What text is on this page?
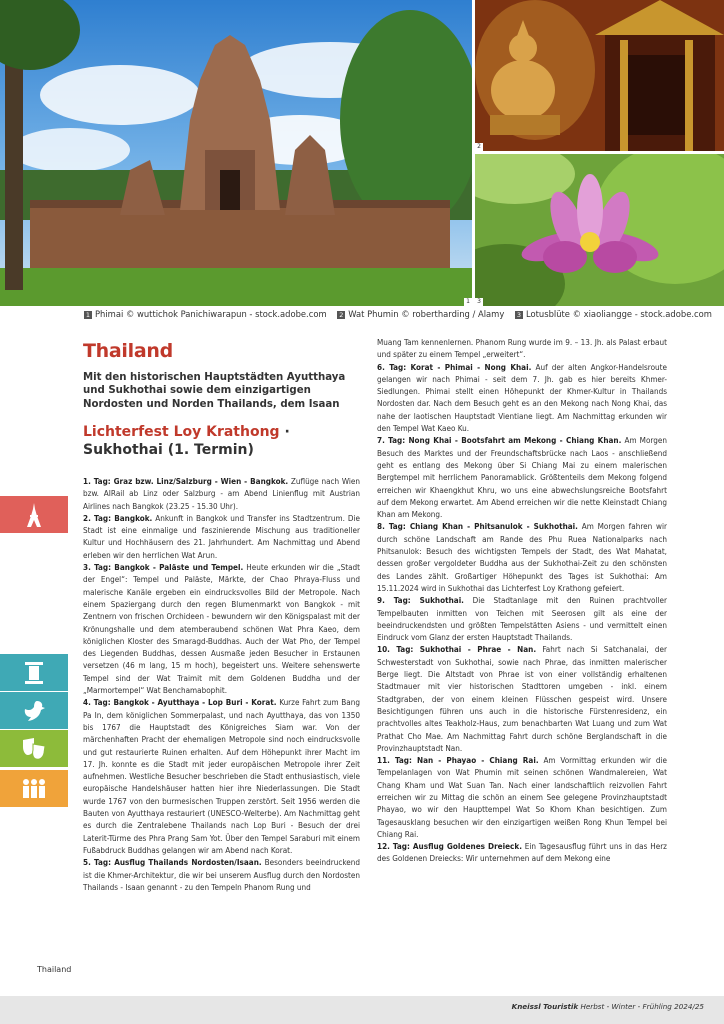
1
2
3
1 Phimai © wuttichok Panichiwarapun - stock.adobe.com 2 Wat Phumin © robertharding / Alamy 3 Lotusblüte © xiaoliangge - stock.adobe.com
Thailand
Mit den historischen Hauptstädten Ayutthaya und Sukhothai sowie dem einzigartigen Nordosten und Norden Thailands, dem Isaan
Lichterfest Loy Krathong · Sukhothai (1. Termin)

1. Tag: Graz bzw. Linz/Salzburg - Wien - Bangkok. Zuflüge nach Wien bzw. AIRail ab Linz oder Salzburg - am Abend Linienflug mit Austrian Airlines nach Bangkok (23.25 - 15.30 Uhr).

2. Tag: Bangkok. Ankunft in Bangkok und Transfer ins Stadtzentrum. Die Stadt ist eine einmalige und faszinierende Mischung aus traditioneller Kultur und Hochhäusern des 21. Jahrhundert. Am Nachmittag und Abend erleben wir den herrlichen Wat Arun.

3. Tag: Bangkok - Paläste und Tempel. Heute erkunden wir die „Stadt der Engel“: Tempel und Paläste, Märkte, der Chao Phraya-Fluss und malerische Kanäle ergeben ein eindrucksvolles Bild der Metropole. Nach einem Spaziergang durch den regen Blumenmarkt von Bangkok - mit Zentnern von frischen Orchideen - bewundern wir den Königspalast mit der Krönungshalle und dem atemberaubend schönen Wat Phra Kaeo, dem königlichen Kloster des Smaragd-Buddhas. Auch der Wat Pho, der Tempel des Liegenden Buddhas, dessen Ausmaße jeden Besucher in Erstaunen versetzen (46 m lang, 15 m hoch), begeistert uns. Weitere sehenswerte Tempel sind der Wat Traimit mit dem Goldenen Buddha und der „Marmortempel“ Wat Benchamabophit.

4. Tag: Bangkok - Ayutthaya - Lop Buri - Korat. Kurze Fahrt zum Bang Pa In, dem königlichen Sommerpalast, und nach Ayutthaya, das von 1350 bis 1767 die Hauptstadt des Königreiches Siam war. Von der märchenhaften Pracht der ehemaligen Metropole sind noch eindrucksvolle und gut restaurierte Ruinen erhalten. Auf dem Höhepunkt ihrer Macht im 17. Jh. konnte es die Stadt mit jeder europäischen Metropole ihrer Zeit aufnehmen. Westliche Besucher beschrieben die Stadt enthusiastisch, viele europäische Handelshäuser hatten hier ihre Niederlassungen. Die Stadt wurde 1767 von den burmesischen Truppen zerstört. Seit 1956 werden die Bauten von Ayutthaya restauriert (UNESCO-Welterbe). Am Nachmittag geht es durch die Zentralebene Thailands nach Lop Buri - Besuch der drei Laterit-Türme des Phra Prang Sam Yot. Über den Tempel Saraburi mit einem Fußabdruck Buddhas gelangen wir am Abend nach Korat.

5. Tag: Ausflug Thailands Nordosten/Isaan. Besonders beeindruckend ist die Khmer-Architektur, die wir bei unserem Ausflug durch den Nordosten Thailands - Isaan genannt - zu den Tempeln Phanom Rung und

Muang Tam kennenlernen. Phanom Rung wurde im 9. – 13. Jh. als Palast erbaut und später zu einem Tempel „erweitert“.

6. Tag: Korat - Phimai - Nong Khai. Auf der alten Angkor-Handelsroute gelangen wir nach Phimai - seit dem 7. Jh. gab es hier bereits Khmer-Siedlungen. Phimai stellt einen Höhepunkt der Khmer-Kultur in Thailands Nordosten dar. Nach dem Besuch geht es an den Mekong nach Nong Khai, das nahe der laotischen Hauptstadt Vientiane liegt. Am Nachmittag erkunden wir den Tempel Wat Kaeo Ku.

7. Tag: Nong Khai - Bootsfahrt am Mekong - Chiang Khan. Am Morgen Besuch des Marktes und der Freundschaftsbrücke nach Laos - anschließend geht es entlang des Mekong über Si Chiang Mai zu einem malerischen Bergtempel mit herrlichem Panoramablick. Größtenteils dem Mekong folgend erreichen wir Khaengkhut Khru, wo uns eine abwechslungsreiche Bootsfahrt auf dem Mekong erwartet. Am Abend erreichen wir die nette Kleinstadt Chiang Khan am Mekong.

8. Tag: Chiang Khan - Phitsanulok - Sukhothai. Am Morgen fahren wir durch schöne Landschaft am Rande des Phu Ruea Nationalparks nach Phitsanulok: Besuch des wichtigsten Tempels der Stadt, des Wat Mahatat, dessen großer vergoldeter Buddha aus der Sukhothai-Zeit zu den schönsten des Landes zählt. Großartiger Höhepunkt des Tages ist Sukhothai: Am 15.11.2024 wird in Sukhothai das Lichterfest Loy Krathong gefeiert.

9. Tag: Sukhothai. Die Stadtanlage mit den Ruinen prachtvoller Tempelbauten inmitten von Teichen mit Seerosen gilt als eine der beeindruckendsten und größten Tempelstätten Asiens - und vermittelt einen Eindruck vom Glanz der ersten Hauptstadt Thailands.

10. Tag: Sukhothai - Phrae - Nan. Fahrt nach Si Satchanalai, der Schwesterstadt von Sukhothai, sowie nach Phrae, das inmitten malerischer Berge liegt. Die Altstadt von Phrae ist von einer vollständig erhaltenen Stadtmauer mit vier historischen Stadttoren umgeben - inkl. einem Stadtgraben, der von einem kleinen Flüsschen gespeist wird. Unsere Besichtigungen führen uns auch in die historische Fürstenresidenz, ein prachtvolles altes Teakholz-Haus, zum benachbarten Wat Luang und zum Wat Prathat Cho Mae. Am Nachmittag Fahrt durch schöne Berglandschaft in die Provinzhauptstadt Nan.

11. Tag: Nan - Phayao - Chiang Rai. Am Vormittag erkunden wir die Tempelanlagen von Wat Phumin mit seinen schönen Wandmalereien, Wat Chang Kham und Wat Suan Tan. Nach einer landschaftlich reizvollen Fahrt erreichen wir zu Mittag die schön an einem See gelegene Provinzhauptstadt Phayao, wo wir den Haupttempel Wat So Khom Khan besichtigen. Zum Tagesausklang besuchen wir den einzigartigen weißen Rong Khun Tempel bei Chiang Rai.

12. Tag: Ausflug Goldenes Dreieck. Ein Tagesausflug führt uns in das Herz des Goldenen Dreiecks: Wir unternehmen auf dem Mekong eine

Thailand
Kneissl Touristik Herbst - Winter - Frühling 2024/25
